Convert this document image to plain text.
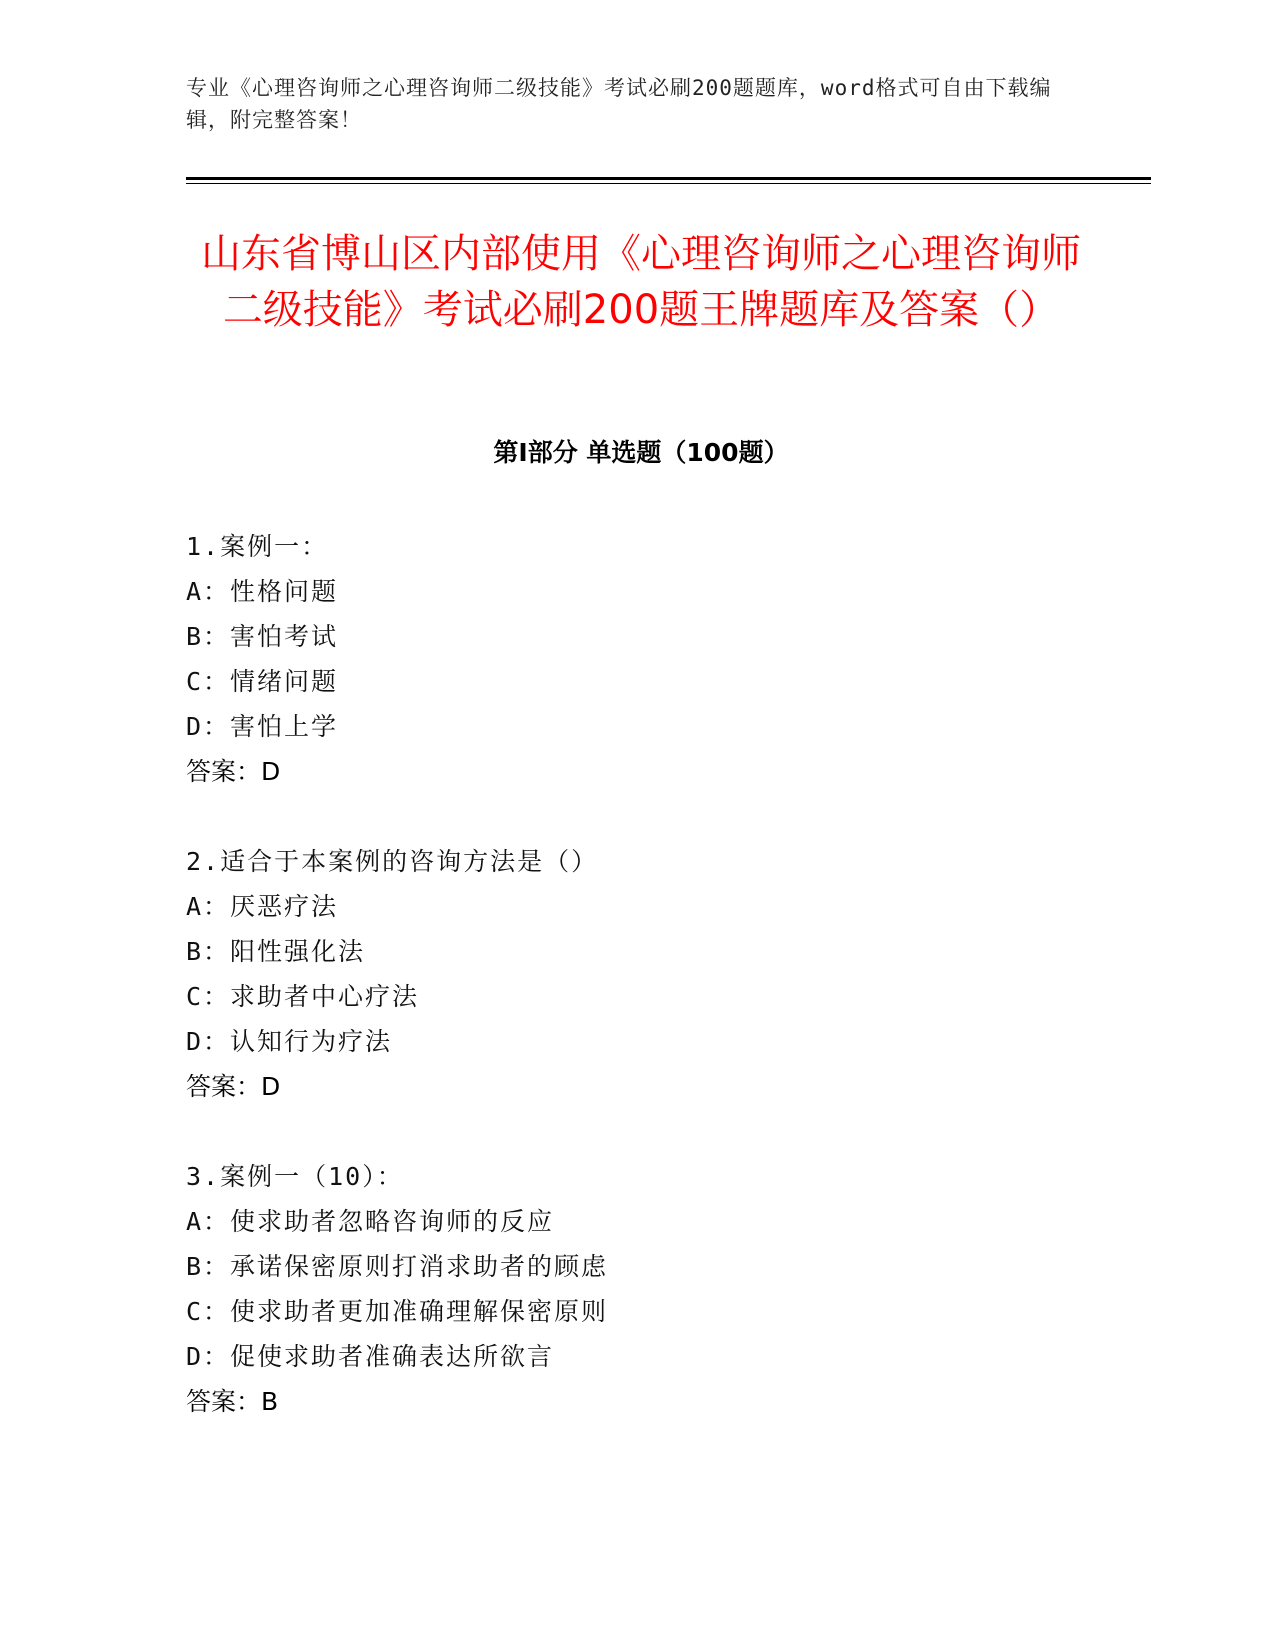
专业《心理咨询师之心理咨询师二级技能》考试必刷200题题库，word格式可自由下载编辑，附完整答案！
山东省博山区内部使用《心理咨询师之心理咨询师二级技能》考试必刷200题王牌题库及答案（）
第Ⅰ部分 单选题（100题）
1.案例一：
A：性格问题
B：害怕考试
C：情绪问题
D：害怕上学
答案：D
2.适合于本案例的咨询方法是（）
A：厌恶疗法
B：阳性强化法
C：求助者中心疗法
D：认知行为疗法
答案：D
3.案例一（10）：
A：使求助者忽略咨询师的反应
B：承诺保密原则打消求助者的顾虑
C：使求助者更加准确理解保密原则
D：促使求助者准确表达所欲言
答案：B
